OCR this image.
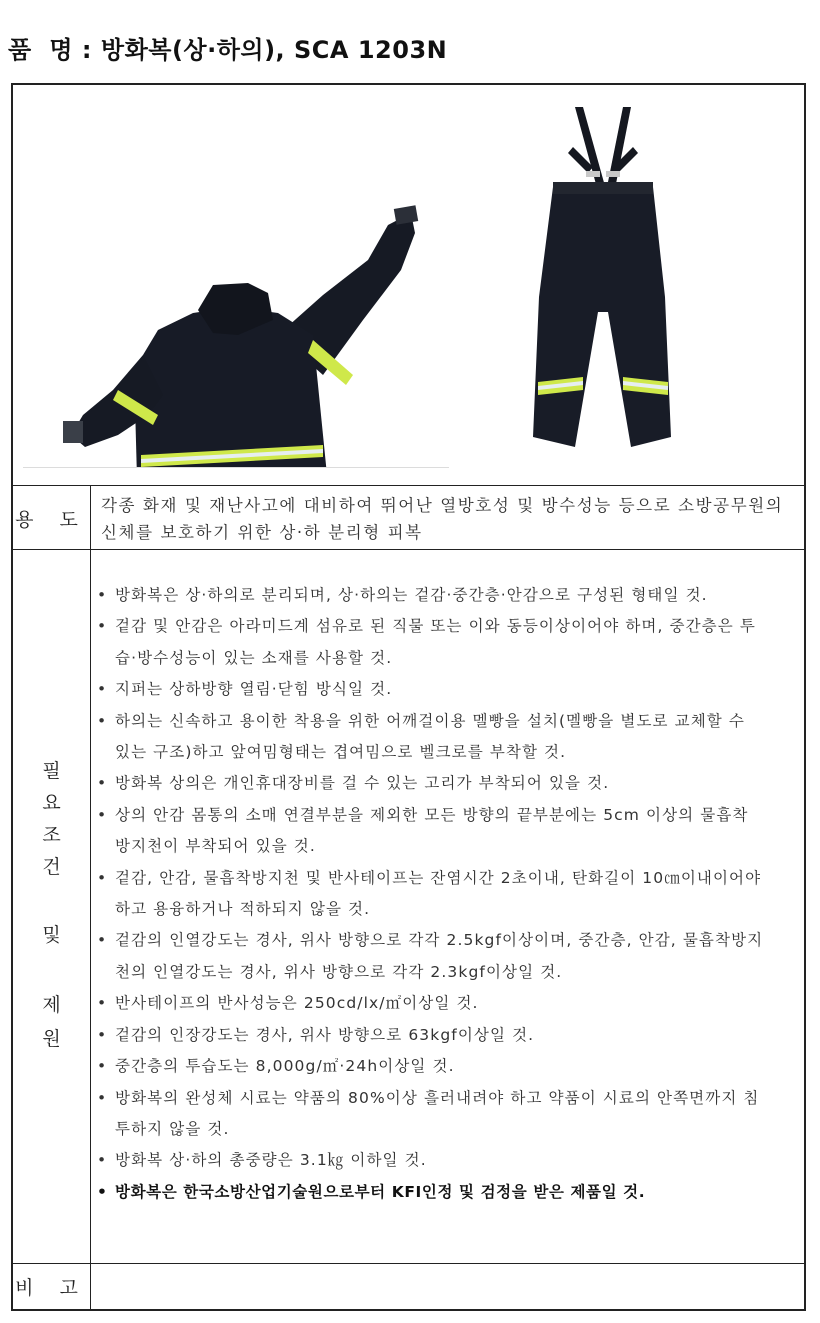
품  명 : 방화복(상·하의), SCA 1203N
용 도
각종 화재 및 재난사고에 대비하여 뛰어난 열방호성 및 방수성능 등으로 소방공무원의 신체를 보호하기 위한 상·하 분리형 피복
필
요
조
건
및
제
원
• 방화복은 상·하의로 분리되며, 상·하의는 겉감·중간층·안감으로 구성된 형태일 것.
• 겉감 및 안감은 아라미드계 섬유로 된 직물 또는 이와 동등이상이어야 하며, 중간층은 투습·방수성능이 있는 소재를 사용할 것.
• 지퍼는 상하방향 열림·닫힘 방식일 것.
• 하의는 신속하고 용이한 착용을 위한 어깨걸이용 멜빵을 설치(멜빵을 별도로 교체할 수 있는 구조)하고 앞여밈형태는 겹여밈으로 벨크로를 부착할 것.
• 방화복 상의은 개인휴대장비를 걸 수 있는 고리가 부착되어 있을 것.
• 상의 안감 몸통의 소매 연결부분을 제외한 모든 방향의 끝부분에는 5cm 이상의 물흡착방지천이 부착되어 있을 것.
• 겉감, 안감, 물흡착방지천 및 반사테이프는 잔염시간 2초이내, 탄화길이 10㎝이내이어야 하고 용융하거나 적하되지 않을 것.
• 겉감의 인열강도는 경사, 위사 방향으로 각각 2.5kgf이상이며, 중간층, 안감, 물흡착방지천의 인열강도는 경사, 위사 방향으로 각각 2.3kgf이상일 것.
• 반사테이프의 반사성능은 250cd/lx/㎡이상일 것.
• 겉감의 인장강도는 경사, 위사 방향으로 63kgf이상일 것.
• 중간층의 투습도는 8,000g/㎡·24h이상일 것.
• 방화복의 완성체 시료는 약품의 80%이상 흘러내려야 하고 약품이 시료의 안쪽면까지 침투하지 않을 것.
• 방화복 상·하의 총중량은 3.1㎏ 이하일 것.
• 방화복은 한국소방산업기술원으로부터 KFI인정 및 검정을 받은 제품일 것.
비 고
